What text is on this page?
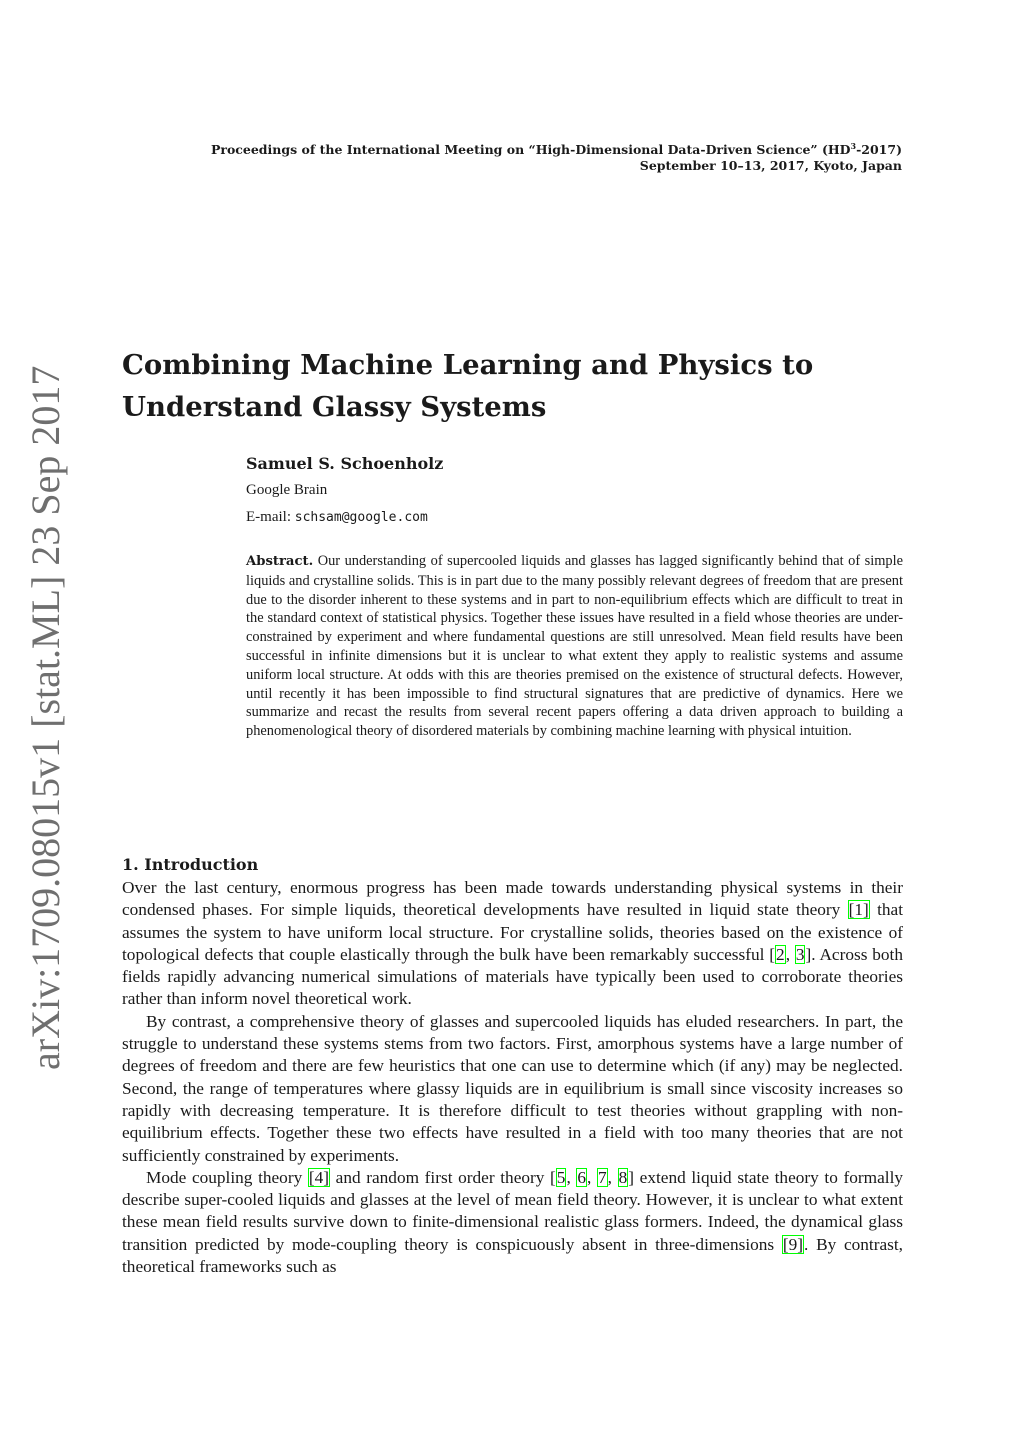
Proceedings of the International Meeting on “High-Dimensional Data-Driven Science” $(HD^3-2017)$
September 10–13, 2017, Kyoto, Japan
arXiv:1709.08015v1 [stat.ML] 23 Sep 2017
Combining Machine Learning and Physics to Understand Glassy Systems
Samuel S. Schoenholz
Google Brain
E-mail: schsam@google.com

Abstract. Our understanding of supercooled liquids and glasses has lagged significantly behind that of simple liquids and crystalline solids. This is in part due to the many possibly relevant degrees of freedom that are present due to the disorder inherent to these systems and in part to non-equilibrium effects which are difficult to treat in the standard context of statistical physics. Together these issues have resulted in a field whose theories are under-constrained by experiment and where fundamental questions are still unresolved. Mean field results have been successful in infinite dimensions but it is unclear to what extent they apply to realistic systems and assume uniform local structure. At odds with this are theories premised on the existence of structural defects. However, until recently it has been impossible to find structural signatures that are predictive of dynamics. Here we summarize and recast the results from several recent papers offering a data driven approach to building a phenomenological theory of disordered materials by combining machine learning with physical intuition.

1. Introduction

Over the last century, enormous progress has been made towards understanding physical systems in their condensed phases. For simple liquids, theoretical developments have resulted in liquid state theory [1] that assumes the system to have uniform local structure. For crystalline solids, theories based on the existence of topological defects that couple elastically through the bulk have been remarkably successful [2, 3]. Across both fields rapidly advancing numerical simulations of materials have typically been used to corroborate theories rather than inform novel theoretical work.

By contrast, a comprehensive theory of glasses and supercooled liquids has eluded researchers. In part, the struggle to understand these systems stems from two factors. First, amorphous systems have a large number of degrees of freedom and there are few heuristics that one can use to determine which (if any) may be neglected. Second, the range of temperatures where glassy liquids are in equilibrium is small since viscosity increases so rapidly with decreasing temperature. It is therefore difficult to test theories without grappling with non-equilibrium effects. Together these two effects have resulted in a field with too many theories that are not sufficiently constrained by experiments.

Mode coupling theory [4] and random first order theory [5, 6, 7, 8] extend liquid state theory to formally describe super-cooled liquids and glasses at the level of mean field theory. However, it is unclear to what extent these mean field results survive down to finite-dimensional realistic glass formers. Indeed, the dynamical glass transition predicted by mode-coupling theory is conspicuously absent in three-dimensions [9]. By contrast, theoretical frameworks such as
